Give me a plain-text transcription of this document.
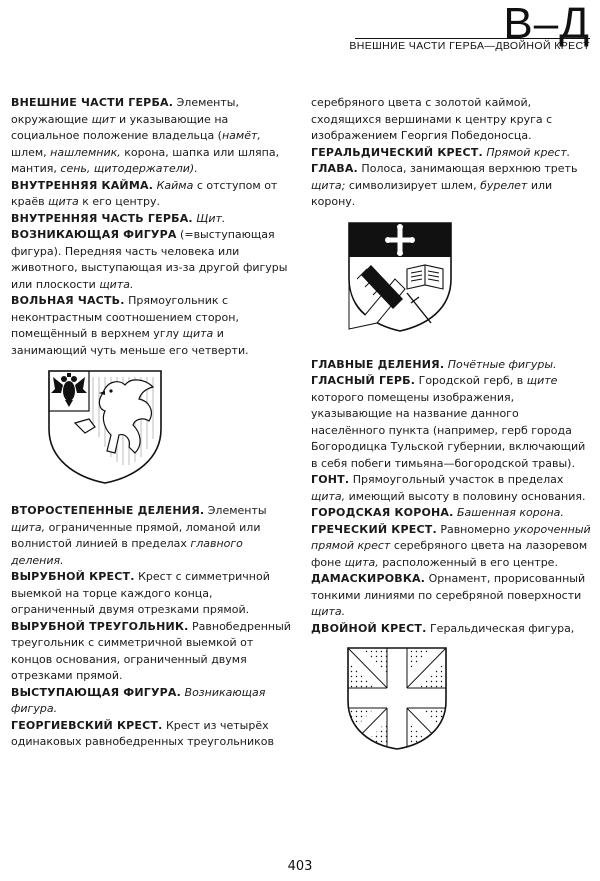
В–Д
ВНЕШНИЕ ЧАСТИ ГЕРБА—ДВОЙНОЙ КРЕСТ

ВНЕШНИЕ ЧАСТИ ГЕРБА. Элементы, окружающие щит и указывающие на социальное положение владельца (намёт, шлем, нашлемник, корона, шапка или шляпа, мантия, сень, щитодержатели).

ВНУТРЕННЯЯ КАЙМА. Кайма с отступом от краёв щита к его центру.

ВНУТРЕННЯЯ ЧАСТЬ ГЕРБА. Щит.

ВОЗНИКАЮЩАЯ ФИГУРА (=выступающая фигура). Передняя часть человека или животного, выступающая из-за другой фигуры или плоскости щита.

ВОЛЬНАЯ ЧАСТЬ. Прямоугольник с неконтрастным соотношением сторон, помещённый в верхнем углу щита и занимающий чуть меньше его четверти.

ВТОРОСТЕПЕННЫЕ ДЕЛЕНИЯ. Элементы щита, ограниченные прямой, ломаной или волнистой линией в пределах главного деления.

ВЫРУБНОЙ КРЕСТ. Крест с симметричной выемкой на торце каждого конца, ограниченный двумя отрезками прямой.

ВЫРУБНОЙ ТРЕУГОЛЬНИК. Равнобедренный треугольник с симметричной выемкой от концов основания, ограниченный двумя отрезками прямой.

ВЫСТУПАЮЩАЯ ФИГУРА. Возникающая фигура.

ГЕОРГИЕВСКИЙ КРЕСТ. Крест из четырёх одинаковых равнобедренных треугольников

серебряного цвета с золотой каймой, сходящихся вершинами к центру круга с изображением Георгия Победоносца.

ГЕРАЛЬДИЧЕСКИЙ КРЕСТ. Прямой крест.

ГЛАВА. Полоса, занимающая верхнюю треть щита; символизирует шлем, бурелет или корону.

ГЛАВНЫЕ ДЕЛЕНИЯ. Почётные фигуры.

ГЛАСНЫЙ ГЕРБ. Городской герб, в щите которого помещены изображения, указывающие на название данного населённого пункта (например, герб города Богородицка Тульской губернии, включающий в себя побеги тимьяна—богородской травы).

ГОНТ. Прямоугольный участок в пределах щита, имеющий высоту в половину основания.

ГОРОДСКАЯ КОРОНА. Башенная корона.

ГРЕЧЕСКИЙ КРЕСТ. Равномерно укороченный прямой крест серебряного цвета на лазоревом фоне щита, расположенный в его центре.

ДАМАСКИРОВКА. Орнамент, прорисованный тонкими линиями по серебряной поверхности щита.

ДВОЙНОЙ КРЕСТ. Геральдическая фигура,

403
